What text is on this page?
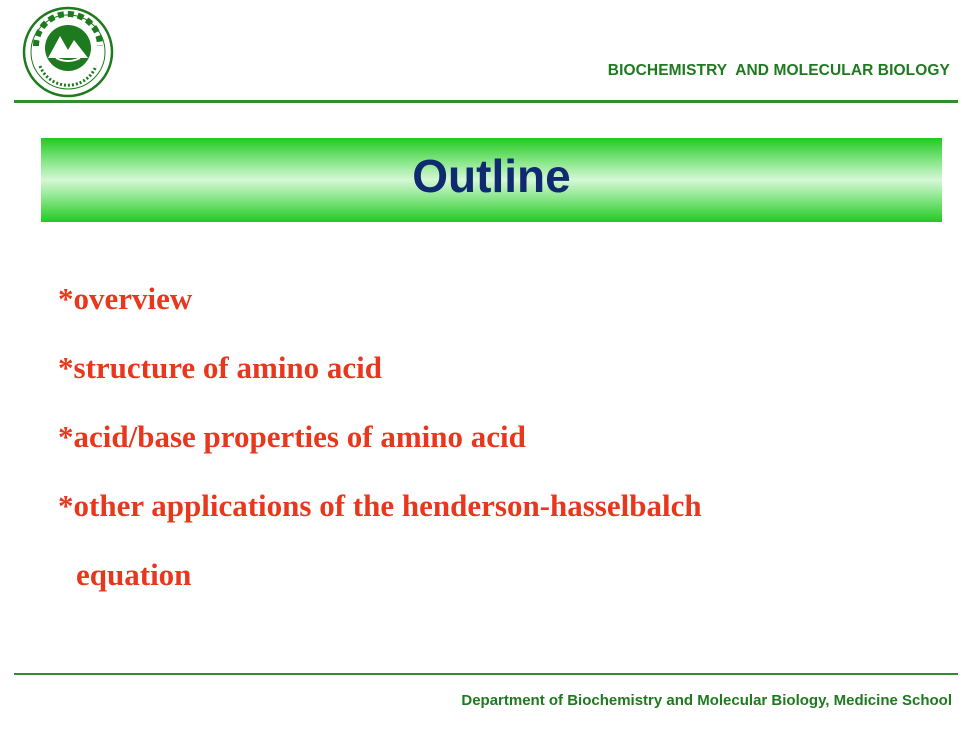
BIOCHEMISTRY  AND MOLECULAR BIOLOGY
Outline
*overview
*structure of amino acid
*acid/base properties of amino acid
*other applications of the henderson-hasselbalch
equation
Department of Biochemistry and Molecular Biology, Medicine School
